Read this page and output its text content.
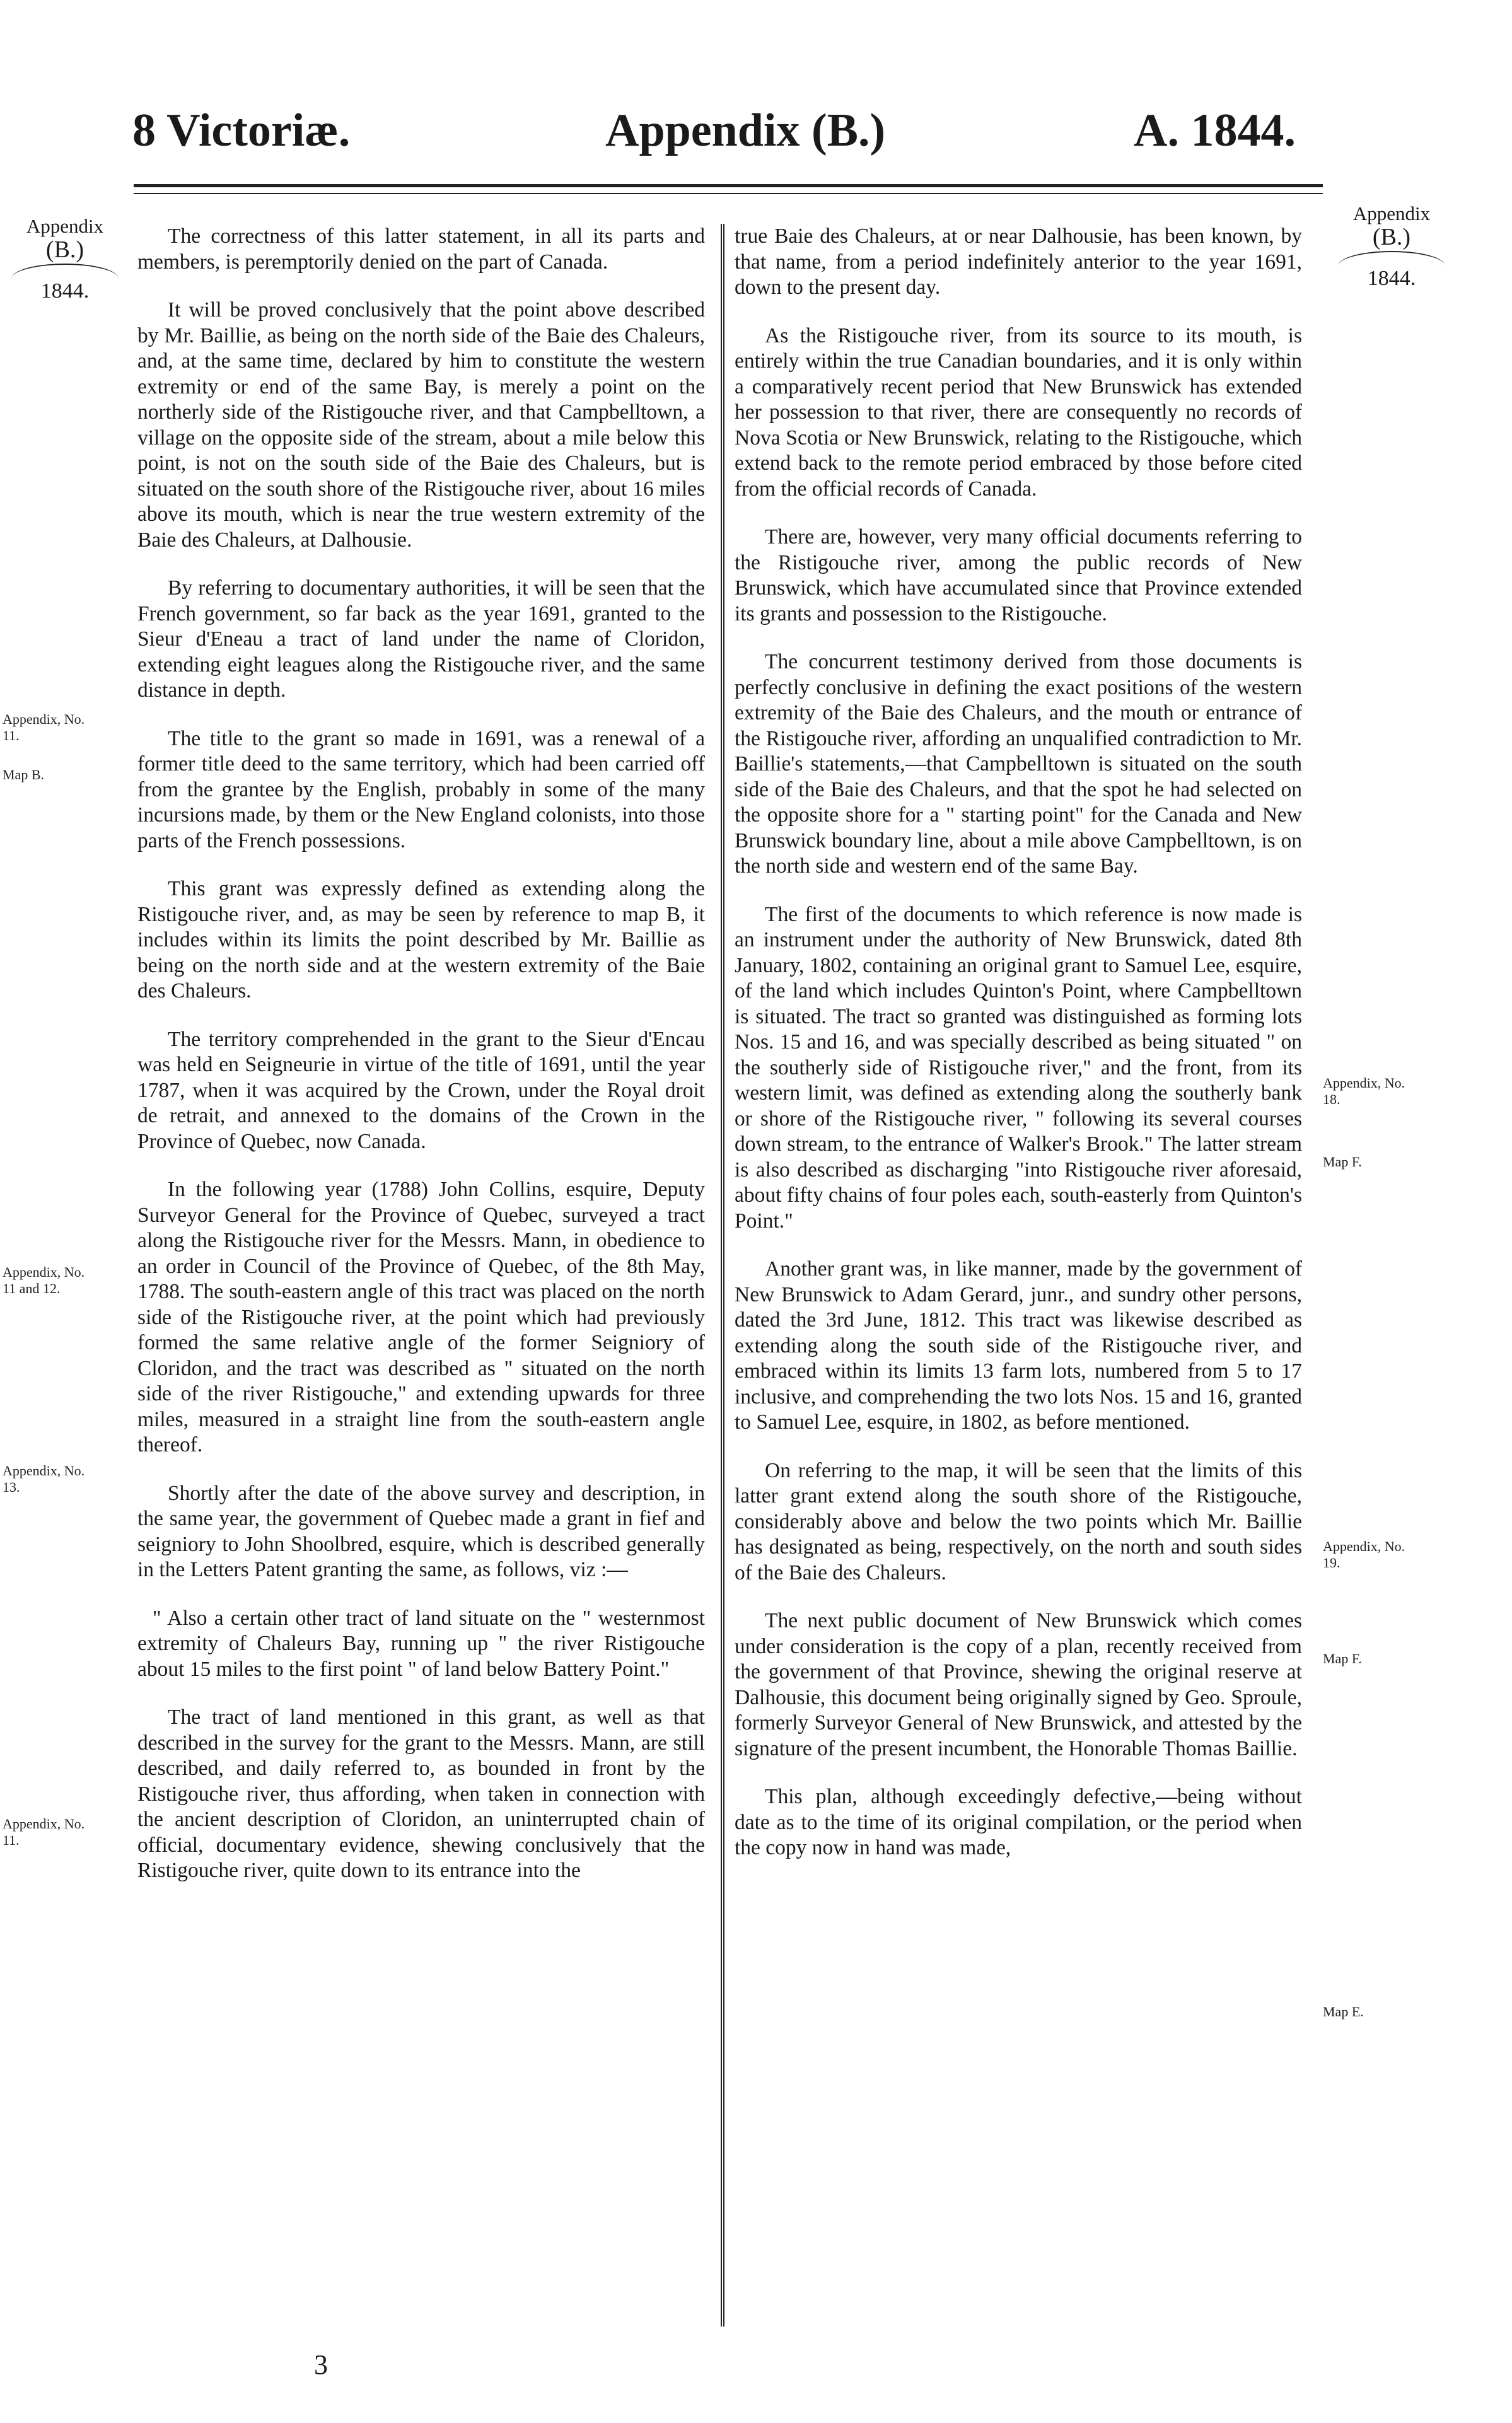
8 Victoriæ.	Appendix (B.)	A. 1844.
Appendix
(B.)
1844.
Appendix
(B.)
1844.
Appendix, No.
11.
Map B.
Appendix, No.
11 and 12.
Appendix, No.
13.
Appendix, No.
11.
Appendix, No.
18.
Map F.
Appendix, No.
19.
Map F.
Map E.

The correctness of this latter statement, in all its parts and members, is peremptorily denied on the part of Canada.

It will be proved conclusively that the point above described by Mr. Baillie, as being on the north side of the Baie des Chaleurs, and, at the same time, declared by him to constitute the western extremity or end of the same Bay, is merely a point on the northerly side of the Ristigouche river, and that Campbelltown, a village on the opposite side of the stream, about a mile below this point, is not on the south side of the Baie des Chaleurs, but is situated on the south shore of the Ristigouche river, about 16 miles above its mouth, which is near the true western extremity of the Baie des Chaleurs, at Dalhousie.

By referring to documentary authorities, it will be seen that the French government, so far back as the year 1691, granted to the Sieur d'Eneau a tract of land under the name of Cloridon, extending eight leagues along the Ristigouche river, and the same distance in depth.

The title to the grant so made in 1691, was a renewal of a former title deed to the same territory, which had been carried off from the grantee by the English, probably in some of the many incursions made, by them or the New England colonists, into those parts of the French possessions.

This grant was expressly defined as extending along the Ristigouche river, and, as may be seen by reference to map B, it includes within its limits the point described by Mr. Baillie as being on the north side and at the western extremity of the Baie des Chaleurs.

The territory comprehended in the grant to the Sieur d'Encau was held en Seigneurie in virtue of the title of 1691, until the year 1787, when it was acquired by the Crown, under the Royal droit de retrait, and annexed to the domains of the Crown in the Province of Quebec, now Canada.

In the following year (1788) John Collins, esquire, Deputy Surveyor General for the Province of Quebec, surveyed a tract along the Ristigouche river for the Messrs. Mann, in obedience to an order in Council of the Province of Quebec, of the 8th May, 1788. The south-eastern angle of this tract was placed on the north side of the Ristigouche river, at the point which had previously formed the same relative angle of the former Seigniory of Cloridon, and the tract was described as " situated on the north side of the river Ristigouche," and extending upwards for three miles, measured in a straight line from the south-eastern angle thereof.

Shortly after the date of the above survey and description, in the same year, the government of Quebec made a grant in fief and seigniory to John Shoolbred, esquire, which is described generally in the Letters Patent granting the same, as follows, viz :—

" Also a certain other tract of land situate on the " westernmost extremity of Chaleurs Bay, running up " the river Ristigouche about 15 miles to the first point " of land below Battery Point."

The tract of land mentioned in this grant, as well as that described in the survey for the grant to the Messrs. Mann, are still described, and daily referred to, as bounded in front by the Ristigouche river, thus affording, when taken in connection with the ancient description of Cloridon, an uninterrupted chain of official, documentary evidence, shewing conclusively that the Ristigouche river, quite down to its entrance into the

true Baie des Chaleurs, at or near Dalhousie, has been known, by that name, from a period indefinitely anterior to the year 1691, down to the present day.

As the Ristigouche river, from its source to its mouth, is entirely within the true Canadian boundaries, and it is only within a comparatively recent period that New Brunswick has extended her possession to that river, there are consequently no records of Nova Scotia or New Brunswick, relating to the Ristigouche, which extend back to the remote period embraced by those before cited from the official records of Canada.

There are, however, very many official documents referring to the Ristigouche river, among the public records of New Brunswick, which have accumulated since that Province extended its grants and possession to the Ristigouche.

The concurrent testimony derived from those documents is perfectly conclusive in defining the exact positions of the western extremity of the Baie des Chaleurs, and the mouth or entrance of the Ristigouche river, affording an unqualified contradiction to Mr. Baillie's statements,—that Campbelltown is situated on the south side of the Baie des Chaleurs, and that the spot he had selected on the opposite shore for a " starting point" for the Canada and New Brunswick boundary line, about a mile above Campbelltown, is on the north side and western end of the same Bay.

The first of the documents to which reference is now made is an instrument under the authority of New Brunswick, dated 8th January, 1802, containing an original grant to Samuel Lee, esquire, of the land which includes Quinton's Point, where Campbelltown is situated. The tract so granted was distinguished as forming lots Nos. 15 and 16, and was specially described as being situated " on the southerly side of Ristigouche river," and the front, from its western limit, was defined as extending along the southerly bank or shore of the Ristigouche river, " following its several courses down stream, to the entrance of Walker's Brook." The latter stream is also described as discharging "into Ristigouche river aforesaid, about fifty chains of four poles each, south-easterly from Quinton's Point."

Another grant was, in like manner, made by the government of New Brunswick to Adam Gerard, junr., and sundry other persons, dated the 3rd June, 1812. This tract was likewise described as extending along the south side of the Ristigouche river, and embraced within its limits 13 farm lots, numbered from 5 to 17 inclusive, and comprehending the two lots Nos. 15 and 16, granted to Samuel Lee, esquire, in 1802, as before mentioned.

On referring to the map, it will be seen that the limits of this latter grant extend along the south shore of the Ristigouche, considerably above and below the two points which Mr. Baillie has designated as being, respectively, on the north and south sides of the Baie des Chaleurs.

The next public document of New Brunswick which comes under consideration is the copy of a plan, recently received from the government of that Province, shewing the original reserve at Dalhousie, this document being originally signed by Geo. Sproule, formerly Surveyor General of New Brunswick, and attested by the signature of the present incumbent, the Honorable Thomas Baillie.

This plan, although exceedingly defective,—being without date as to the time of its original compilation, or the period when the copy now in hand was made,

3
